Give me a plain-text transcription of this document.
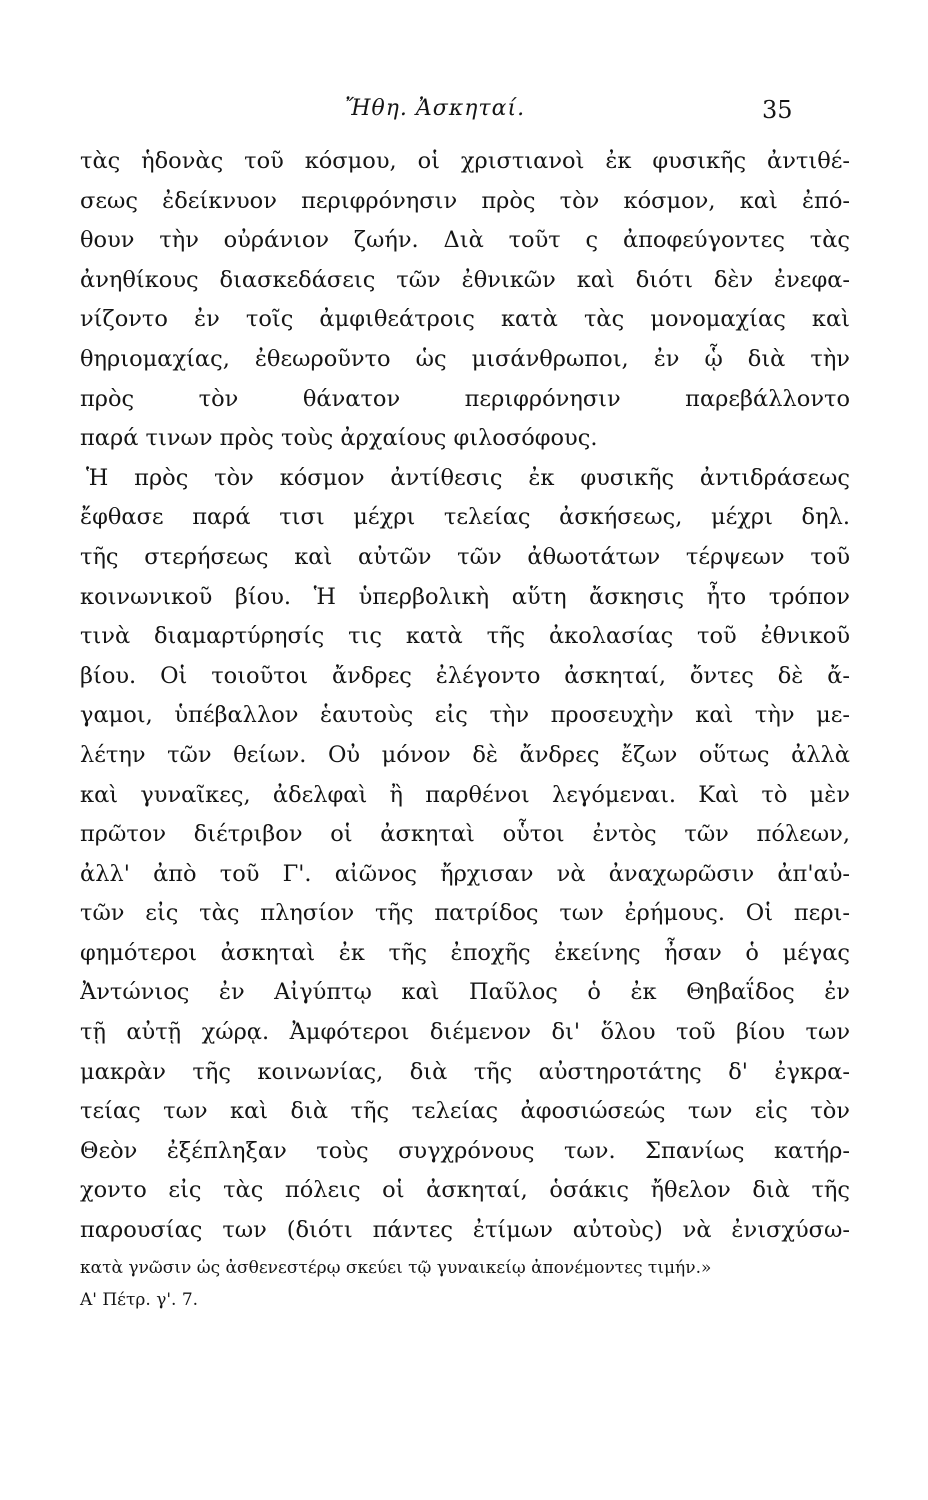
Ἤθη. Ἀσκηταί.	35
τὰς ἡδονὰς τοῦ κόσμου, οἱ χριστιανοὶ ἐκ φυσικῆς ἀντιθέ-
σεως ἐδείκνυον περιφρόνησιν πρὸς τὸν κόσμον, καὶ ἐπό-
θουν τὴν οὐράνιον ζωήν. Διὰ τοῦτ ς ἀποφεύγοντες τὰς
ἀνηθίκους διασκεδάσεις τῶν ἐθνικῶν καὶ διότι δὲν ἐνεφα-
νίζοντο ἐν τοῖς ἀμφιθεάτροις κατὰ τὰς μονομαχίας καὶ
θηριομαχίας, ἐθεωροῦντο ὡς μισάνθρωποι, ἐν ᾧ διὰ τὴν
πρὸς τὸν θάνατον περιφρόνησιν παρεβάλλοντο
παρά τινων πρὸς τοὺς ἀρχαίους φιλοσόφους.
Ἡ πρὸς τὸν κόσμον ἀντίθεσις ἐκ φυσικῆς ἀντιδράσεως
ἔφθασε παρά τισι μέχρι τελείας ἀσκήσεως, μέχρι δηλ.
τῆς στερήσεως καὶ αὐτῶν τῶν ἀθωοτάτων τέρψεων τοῦ
κοινωνικοῦ βίου. Ἡ ὑπερβολικὴ αὕτη ἄσκησις ἦτο τρόπον
τινὰ διαμαρτύρησίς τις κατὰ τῆς ἀκολασίας τοῦ ἐθνικοῦ
βίου. Οἱ τοιοῦτοι ἄνδρες ἐλέγοντο ἀσκηταί, ὄντες δὲ ἄ-
γαμοι, ὑπέβαλλον ἑαυτοὺς εἰς τὴν προσευχὴν καὶ τὴν με-
λέτην τῶν θείων. Οὐ μόνον δὲ ἄνδρες ἔζων οὕτως ἀλλὰ
καὶ γυναῖκες, ἀδελφαὶ ἢ παρθένοι λεγόμεναι. Καὶ τὸ μὲν
πρῶτον διέτριβον οἱ ἀσκηταὶ οὗτοι ἐντὸς τῶν πόλεων,
ἀλλ' ἀπὸ τοῦ Γ'. αἰῶνος ἤρχισαν νὰ ἀναχωρῶσιν ἀπ'αὐ-
τῶν εἰς τὰς πλησίον τῆς πατρίδος των ἐρήμους. Οἱ περι-
φημότεροι ἀσκηταὶ ἐκ τῆς ἐποχῆς ἐκείνης ἦσαν ὁ μέγας
Ἀντώνιος ἐν Αἰγύπτῳ καὶ Παῦλος ὁ ἐκ Θηβαΐδος ἐν
τῇ αὐτῇ χώρᾳ. Ἀμφότεροι διέμενον δι' ὅλου τοῦ βίου των
μακρὰν τῆς κοινωνίας, διὰ τῆς αὐστηροτάτης δ' ἐγκρα-
τείας των καὶ διὰ τῆς τελείας ἀφοσιώσεώς των εἰς τὸν
Θεὸν ἐξέπληξαν τοὺς συγχρόνους των. Σπανίως κατήρ-
χοντο εἰς τὰς πόλεις οἱ ἀσκηταί, ὁσάκις ἤθελον διὰ τῆς
παρουσίας των (διότι πάντες ἐτίμων αὐτοὺς) νὰ ἐνισχύσω-
κατὰ γνῶσιν ὡς ἀσθενεστέρῳ σκεύει τῷ γυναικείῳ ἀπονέμοντες τιμήν.»
Α' Πέτρ. γ'. 7.
